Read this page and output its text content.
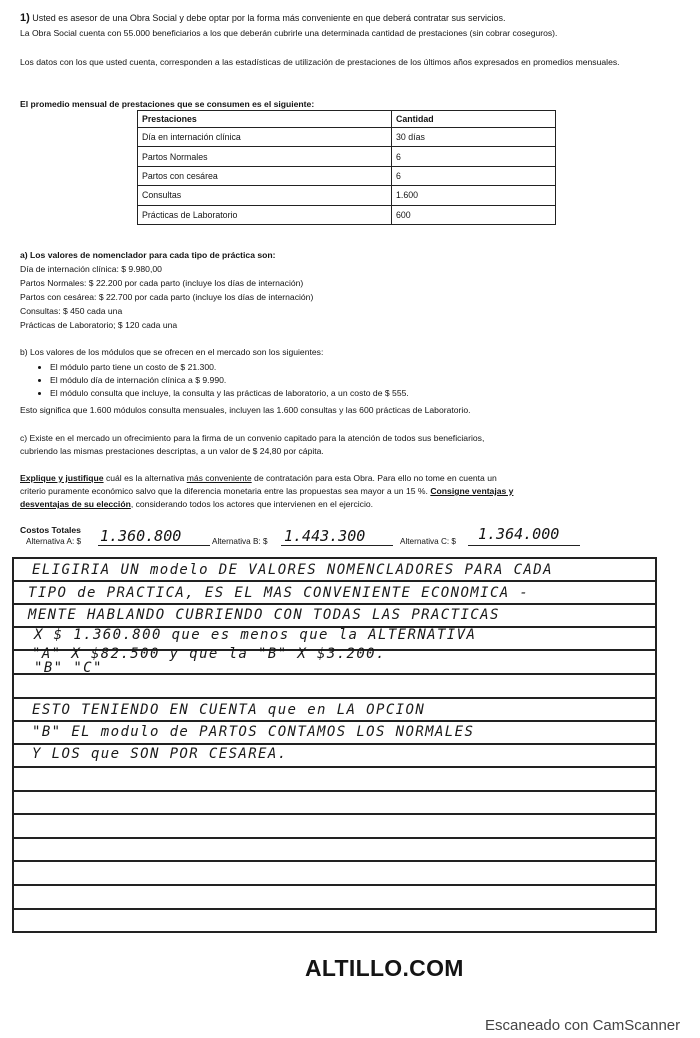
1) Usted es asesor de una Obra Social y debe optar por la forma más conveniente en que deberá contratar sus servicios.
La Obra Social cuenta con 55.000 beneficiarios a los que deberán cubrirle una determinada cantidad de prestaciones (sin cobrar coseguros).
Los datos con los que usted cuenta, corresponden a las estadísticas de utilización de prestaciones de los últimos años expresados en promedios mensuales.
El promedio mensual de prestaciones que se consumen es el siguiente:
Prestaciones	Cantidad
Día en internación clínica	30 días
Partos Normales	6
Partos con cesárea	6
Consultas	1.600
Prácticas de Laboratorio	600
a) Los valores de nomenclador para cada tipo de práctica son:
Día de internación clínica: $ 9.980,00
Partos Normales: $ 22.200 por cada parto (incluye los días de internación)
Partos con cesárea: $ 22.700 por cada parto (incluye los días de internación)
Consultas: $ 450 cada una
Prácticas de Laboratorio; $ 120 cada una
b) Los valores de los módulos que se ofrecen en el mercado son los siguientes:
• El módulo parto tiene un costo de $ 21.300.
• El módulo día de internación clínica a $ 9.990.
• El módulo consulta que incluye, la consulta y las prácticas de laboratorio, a un costo de $ 555.
Esto significa que 1.600 módulos consulta mensuales, incluyen las 1.600 consultas y las 600 prácticas de Laboratorio.
c) Existe en el mercado un ofrecimiento para la firma de un convenio capitado para la atención de todos sus beneficiarios,
cubriendo las mismas prestaciones descriptas, a un valor de $ 24,80 por cápita.
Explique y justifique cuál es la alternativa más conveniente de contratación para esta Obra. Para ello no tome en cuenta un
criterio puramente económico salvo que la diferencia monetaria entre las propuestas sea mayor a un 15 %. Consigne ventajas y
desventajas de su elección, considerando todos los actores que intervienen en el ejercicio.
Costos Totales
Alternativa A: $ 1.360.800	Alternativa B: $ 1.443.300	Alternativa C: $ 1.364.000
ELIGIRIA UN modelo DE VALORES NOMENCLADORES PARA CADA
TIPO de PRACTICA, ES EL MAS CONVENIENTE ECONOMICA -
MENTE HABLANDO CUBRIENDO CON TODAS LAS PRACTICAS
X $ 1.360.800 que es menos que la ALTERNATIVA
"A" X $82.500 y que la "B" X $3.200.
"B" "C"
ESTO TENIENDO EN CUENTA que en LA OPCION
"B" EL modulo de PARTOS CONTAMOS LOS NORMALES
Y LOS que SON POR CESAREA.
ALTILLO.COM
Escaneado con CamScanner
